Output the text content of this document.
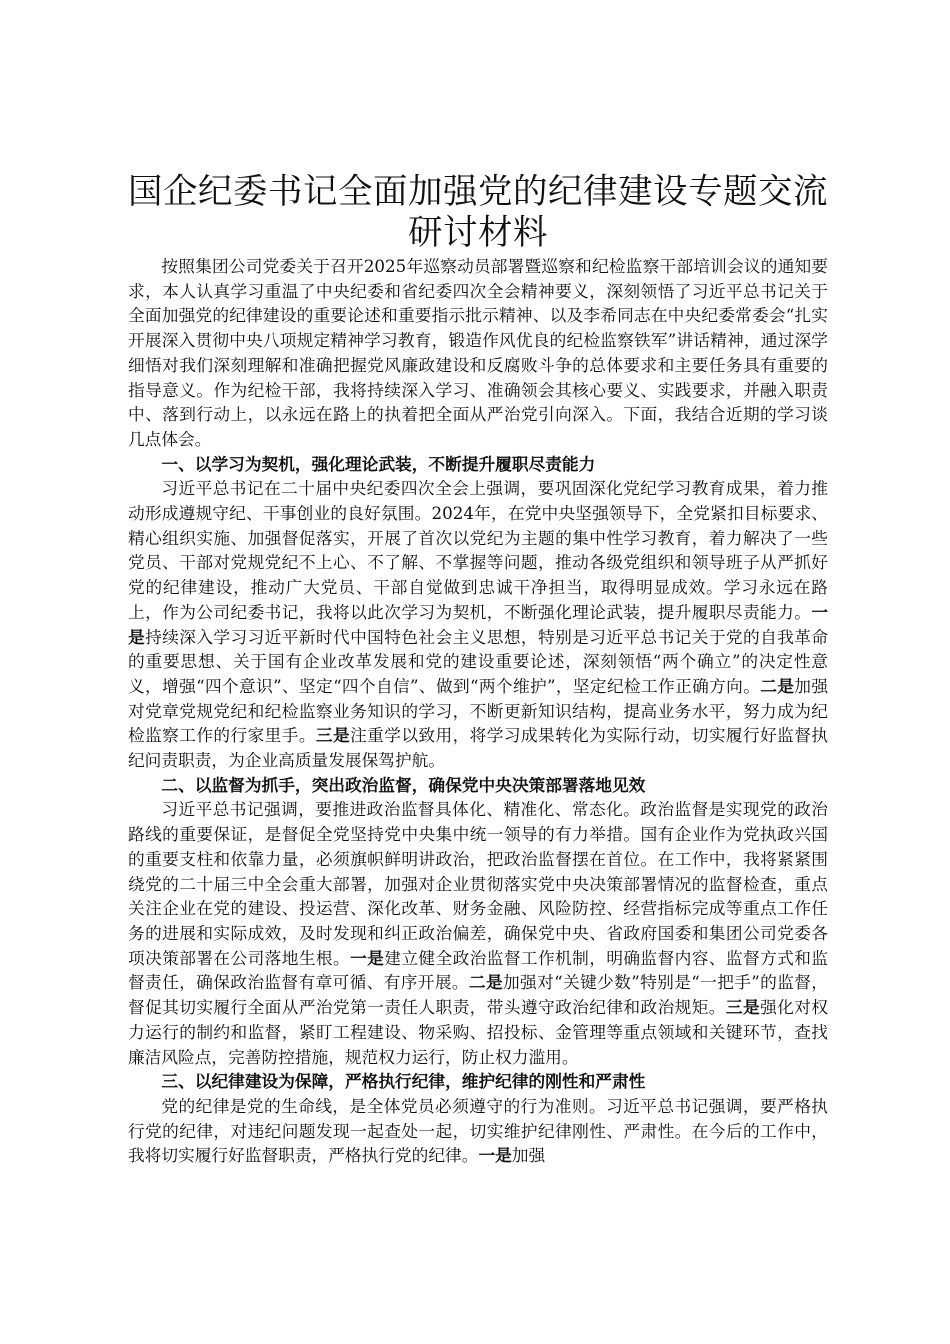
国企纪委书记全面加强党的纪律建设专题交流
研讨材料

按照集团公司党委关于召开2025年巡察动员部署暨巡察和纪检监察干部培训会议的通知要求，本人认真学习重温了中央纪委和省纪委四次全会精神要义，深刻领悟了习近平总书记关于全面加强党的纪律建设的重要论述和重要指示批示精神、以及李希同志在中央纪委常委会“扎实开展深入贯彻中央八项规定精神学习教育，锻造作风优良的纪检监察铁军”讲话精神，通过深学细悟对我们深刻理解和准确把握党风廉政建设和反腐败斗争的总体要求和主要任务具有重要的指导意义。作为纪检干部，我将持续深入学习、准确领会其核心要义、实践要求，并融入职责中、落到行动上，以永远在路上的执着把全面从严治党引向深入。下面，我结合近期的学习谈几点体会。

一、以学习为契机，强化理论武装，不断提升履职尽责能力

习近平总书记在二十届中央纪委四次全会上强调，要巩固深化党纪学习教育成果，着力推动形成遵规守纪、干事创业的良好氛围。2024年，在党中央坚强领导下，全党紧扣目标要求、精心组织实施、加强督促落实，开展了首次以党纪为主题的集中性学习教育，着力解决了一些党员、干部对党规党纪不上心、不了解、不掌握等问题，推动各级党组织和领导班子从严抓好党的纪律建设，推动广大党员、干部自觉做到忠诚干净担当，取得明显成效。学习永远在路上，作为公司纪委书记，我将以此次学习为契机，不断强化理论武装，提升履职尽责能力。一是持续深入学习习近平新时代中国特色社会主义思想，特别是习近平总书记关于党的自我革命的重要思想、关于国有企业改革发展和党的建设重要论述，深刻领悟“两个确立”的决定性意义，增强“四个意识”、坚定“四个自信”、做到“两个维护”，坚定纪检工作正确方向。二是加强对党章党规党纪和纪检监察业务知识的学习，不断更新知识结构，提高业务水平，努力成为纪检监察工作的行家里手。三是注重学以致用，将学习成果转化为实际行动，切实履行好监督执纪问责职责，为企业高质量发展保驾护航。

二、以监督为抓手，突出政治监督，确保党中央决策部署落地见效

习近平总书记强调，要推进政治监督具体化、精准化、常态化。政治监督是实现党的政治路线的重要保证，是督促全党坚持党中央集中统一领导的有力举措。国有企业作为党执政兴国的重要支柱和依靠力量，必须旗帜鲜明讲政治，把政治监督摆在首位。在工作中，我将紧紧围绕党的二十届三中全会重大部署，加强对企业贯彻落实党中央决策部署情况的监督检查，重点关注企业在党的建设、投运营、深化改革、财务金融、风险防控、经营指标完成等重点工作任务的进展和实际成效，及时发现和纠正政治偏差，确保党中央、省政府国委和集团公司党委各项决策部署在公司落地生根。一是建立健全政治监督工作机制，明确监督内容、监督方式和监督责任，确保政治监督有章可循、有序开展。二是加强对“关键少数”特别是“一把手”的监督，督促其切实履行全面从严治党第一责任人职责，带头遵守政治纪律和政治规矩。三是强化对权力运行的制约和监督，紧盯工程建设、物采购、招投标、金管理等重点领域和关键环节，查找廉洁风险点，完善防控措施，规范权力运行，防止权力滥用。

三、以纪律建设为保障，严格执行纪律，维护纪律的刚性和严肃性

党的纪律是党的生命线，是全体党员必须遵守的行为准则。习近平总书记强调，要严格执行党的纪律，对违纪问题发现一起查处一起，切实维护纪律刚性、严肃性。在今后的工作中，我将切实履行好监督职责，严格执行党的纪律。一是加强
